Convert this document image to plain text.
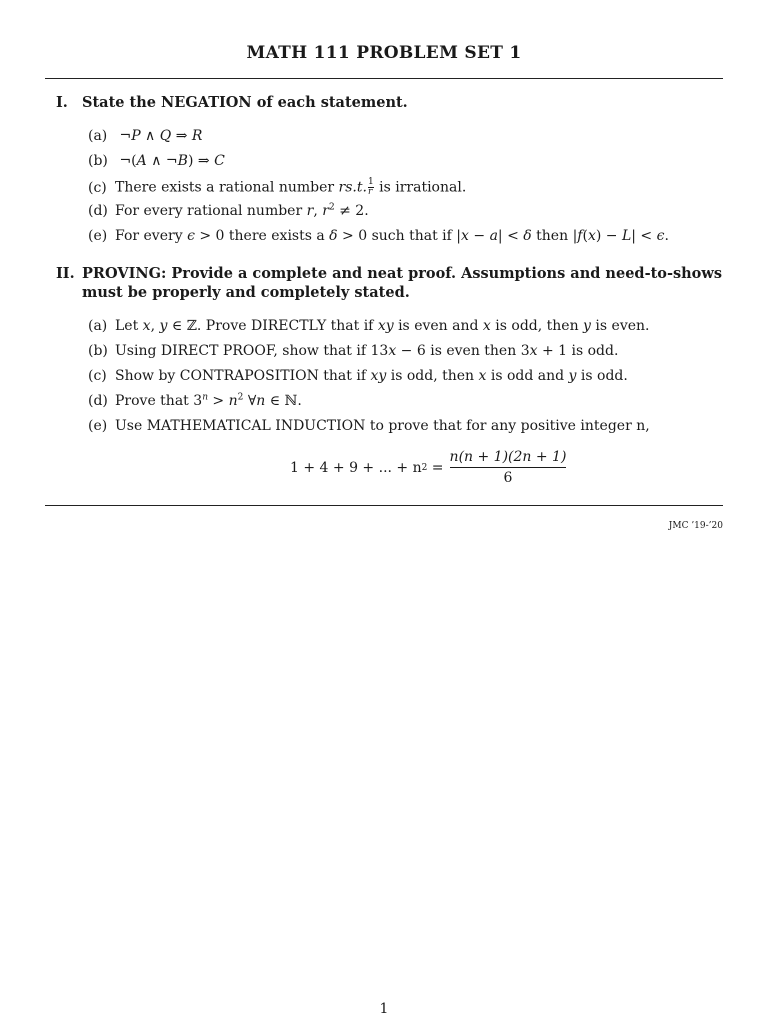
MATH 111 PROBLEM SET 1
I. State the NEGATION of each statement.
(a) ¬P ∧ Q ⇒ R
(b) ¬(A ∧ ¬B) ⇒ C
(c) There exists a rational number rs.t. $\frac{1}{r}$ is irrational.
(d) For every rational number r, $r^2 \ne 2$.
(e) For every ϵ > 0 there exists a δ > 0 such that if |x − a| < δ then |f(x) − L| < ϵ.
II. PROVING: Provide a complete and neat proof. Assumptions and need-to-shows must be properly and completely stated.
(a) Let x, y ∈ ℤ. Prove DIRECTLY that if xy is even and x is odd, then y is even.
(b) Using DIRECT PROOF, show that if 13x − 6 is even then 3x + 1 is odd.
(c) Show by CONTRAPOSITION that if xy is odd, then x is odd and y is odd.
(d) Prove that $3^n > n^2$ ∀n ∈ ℕ.
(e) Use MATHEMATICAL INDUCTION to prove that for any positive integer n,
1 + 4 + 9 + ... + n $2 = \frac{n(n + 1)(2n + 1)}{6}$
JMC ’19-’20
1
